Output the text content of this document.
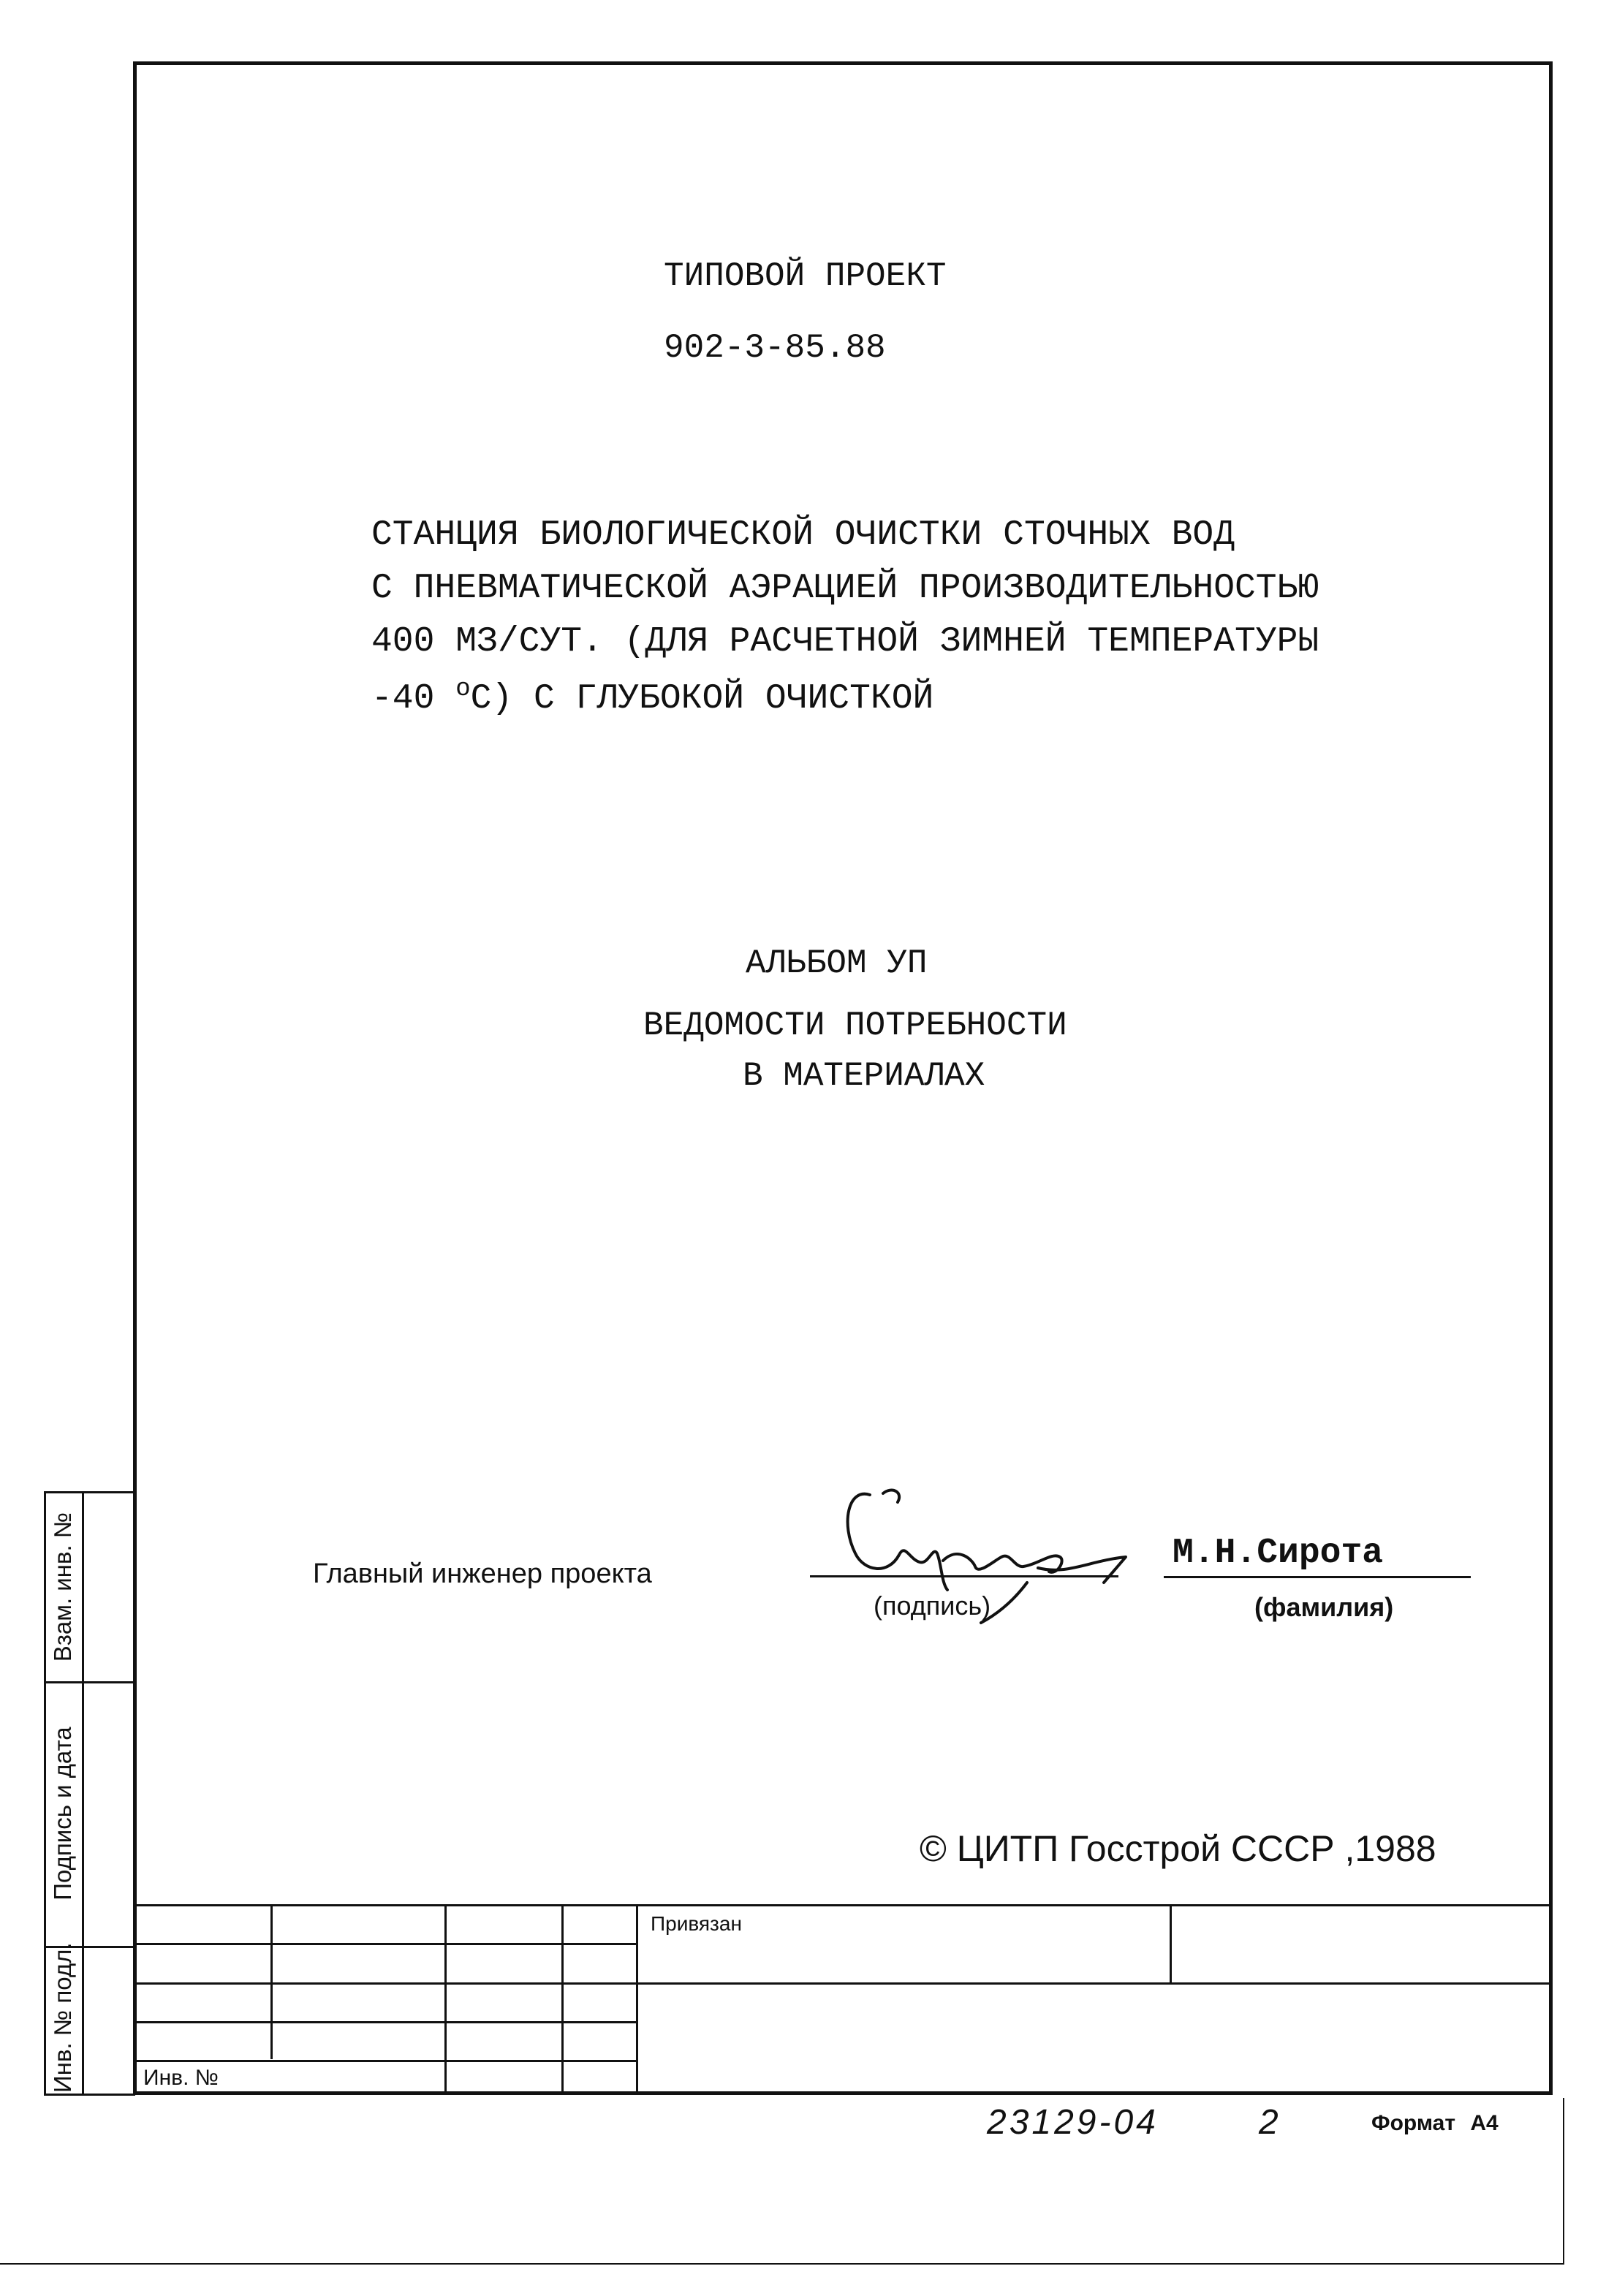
ТИПОВОЙ ПРОЕКТ
902-3-85.88
СТАНЦИЯ БИОЛОГИЧЕСКОЙ ОЧИСТКИ СТОЧНЫХ ВОД
С ПНЕВМАТИЧЕСКОЙ АЭРАЦИЕЙ ПРОИЗВОДИТЕЛЬНОСТЬЮ
400 МЗ/СУТ. (ДЛЯ РАСЧЕТНОЙ ЗИМНЕЙ ТЕМПЕРАТУРЫ
-40 $^о$С) С ГЛУБОКОЙ ОЧИСТКОЙ
АЛЬБОМ УП
ВЕДОМОСТИ ПОТРЕБНОСТИ
В МАТЕРИАЛАХ
Главный инженер проекта
(подпись)
М.Н.Сирота
(фамилия)
© ЦИТП Госстрой СССР ,1988
Взам. инв. №
Подпись и дата
Инв. № подл.
Привязан
Инв. №
23129-04	2	Формат А4
